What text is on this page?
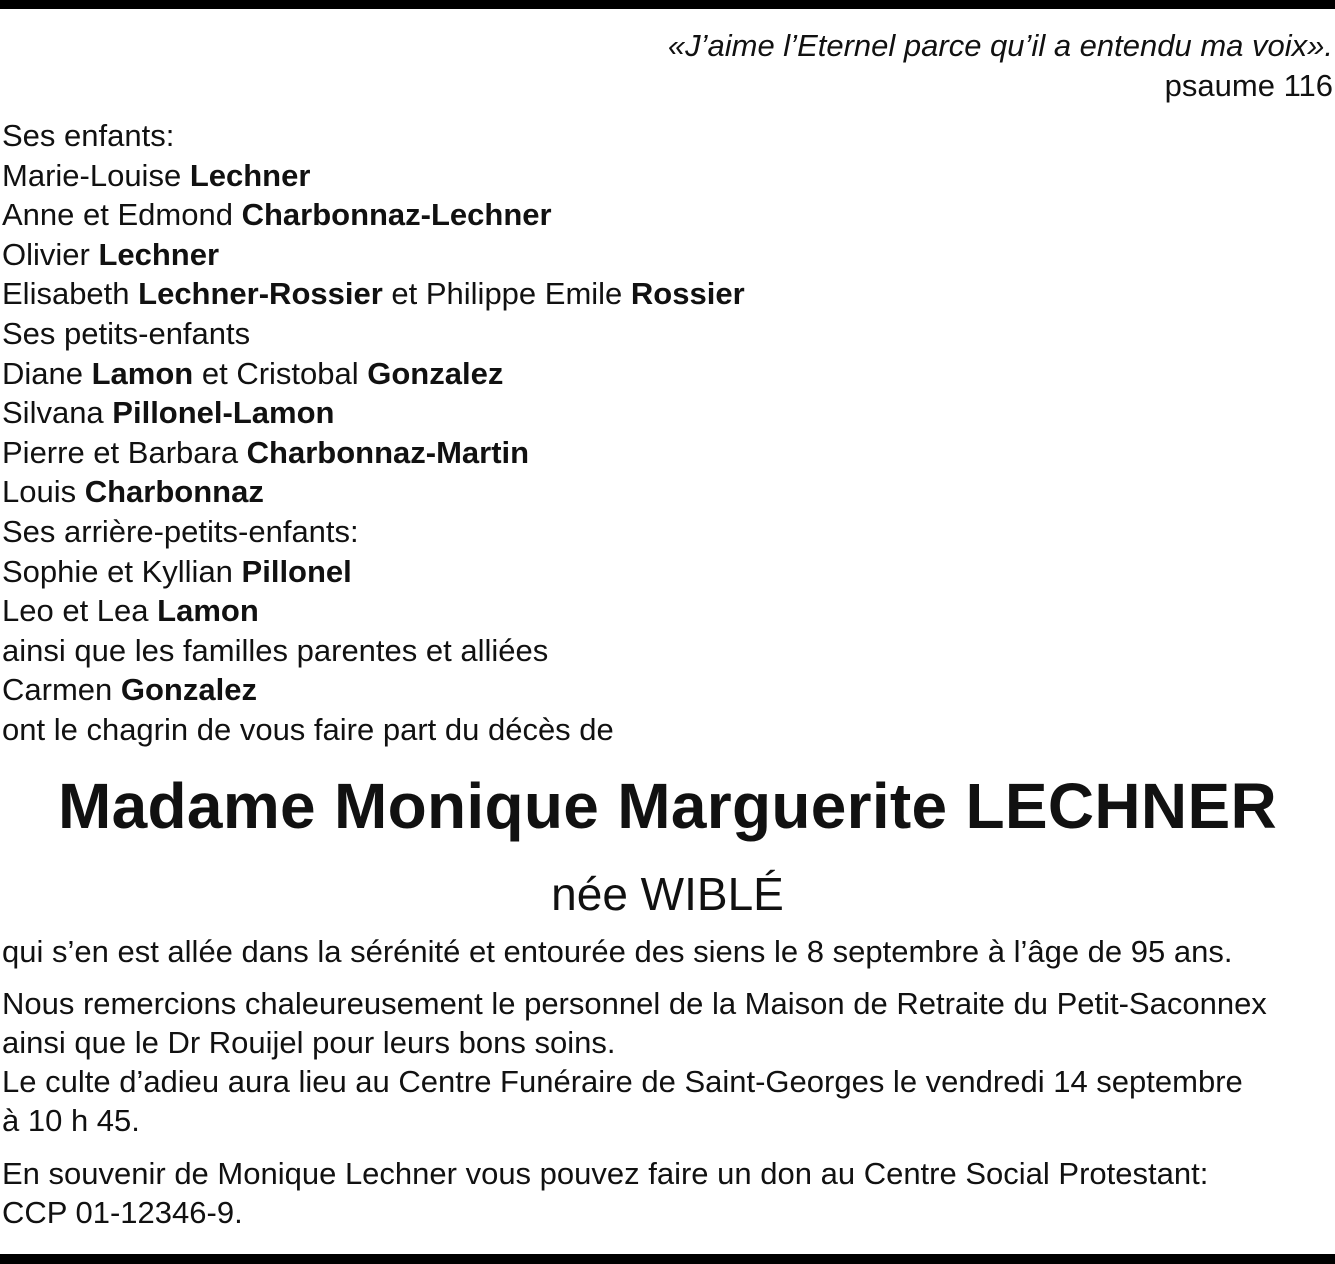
«J’aime l’Eternel parce qu’il a entendu ma voix».
psaume 116
Ses enfants:
Marie-Louise Lechner
Anne et Edmond Charbonnaz-Lechner
Olivier Lechner
Elisabeth Lechner-Rossier et Philippe Emile Rossier
Ses petits-enfants
Diane Lamon et Cristobal Gonzalez
Silvana Pillonel-Lamon
Pierre et Barbara Charbonnaz-Martin
Louis Charbonnaz
Ses arrière-petits-enfants:
Sophie et Kyllian Pillonel
Leo et Lea Lamon
ainsi que les familles parentes et alliées
Carmen Gonzalez
ont le chagrin de vous faire part du décès de
Madame Monique Marguerite LECHNER
née WIBLÉ
qui s’en est allée dans la sérénité et entourée des siens le 8 septembre à l’âge de 95 ans.
Nous remercions chaleureusement le personnel de la Maison de Retraite du Petit-Saconnex
ainsi que le Dr Rouijel pour leurs bons soins.
Le culte d’adieu aura lieu au Centre Funéraire de Saint-Georges le vendredi 14 septembre
à 10 h 45.
En souvenir de Monique Lechner vous pouvez faire un don au Centre Social Protestant:
CCP 01-12346-9.
